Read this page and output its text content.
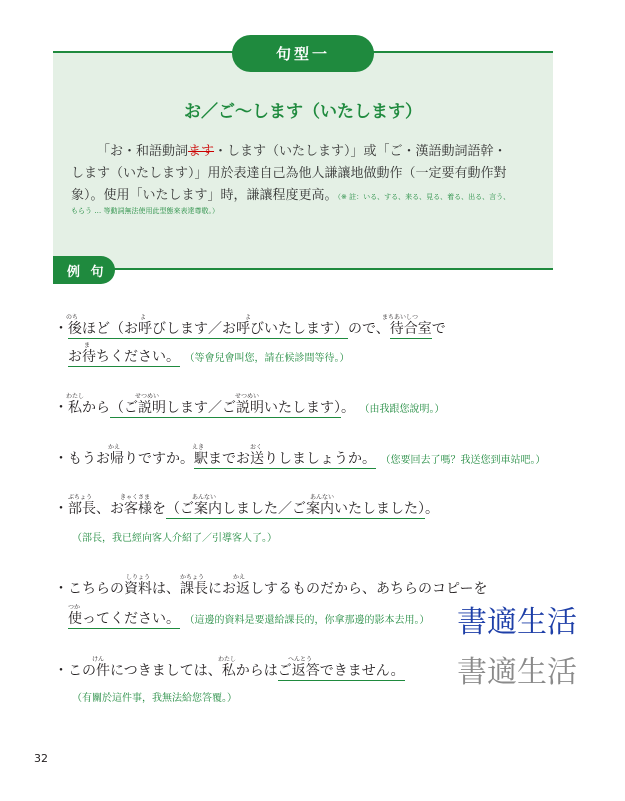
お／ご～します（いたします）
「お・和語動詞ます・します（いたします）」或「ご・漢語動詞語幹・
します（いたします）」用於表達自己為他人謙讓地做動作（一定要有動作對
象）。使用「いたします」時，謙讓程度更高。（※ 註：いる、する、来る、見る、着る、出る、言う、
もらう … 等動詞無法使用此型態來表達尊敬。）
句型一
例 句
のち	よ	よ	まちあいしつ
・後ほど（お呼びします／お呼びいたします）ので、待合室で
ま
お待ちください。 （等會兒會叫您，請在候診間等待。）
わたし	せつめい	せつめい
・私から（ご説明します／ご説明いたします）。 （由我跟您說明。）
かえ	えき	おく
・もうお帰りですか。駅までお送りしましょうか。 （您要回去了嗎？我送您到車站吧。）
ぶちょう	きゃくさま	あんない	あんない
・部長、お客様を（ご案内しました／ご案内いたしました）。
（部長，我已經向客人介紹了／引導客人了。）
しりょう	かちょう	かえ
・こちらの資料は、課長にお返しするものだから、あちらのコピーを
つか
使ってください。 （這邊的資料是要還給課長的，你拿那邊的影本去用。）
けん	わたし	へんとう
・この件につきましては、私からはご返答できません。
（有關於這件事，我無法給您答覆。）
書適生活
書適生活
32
